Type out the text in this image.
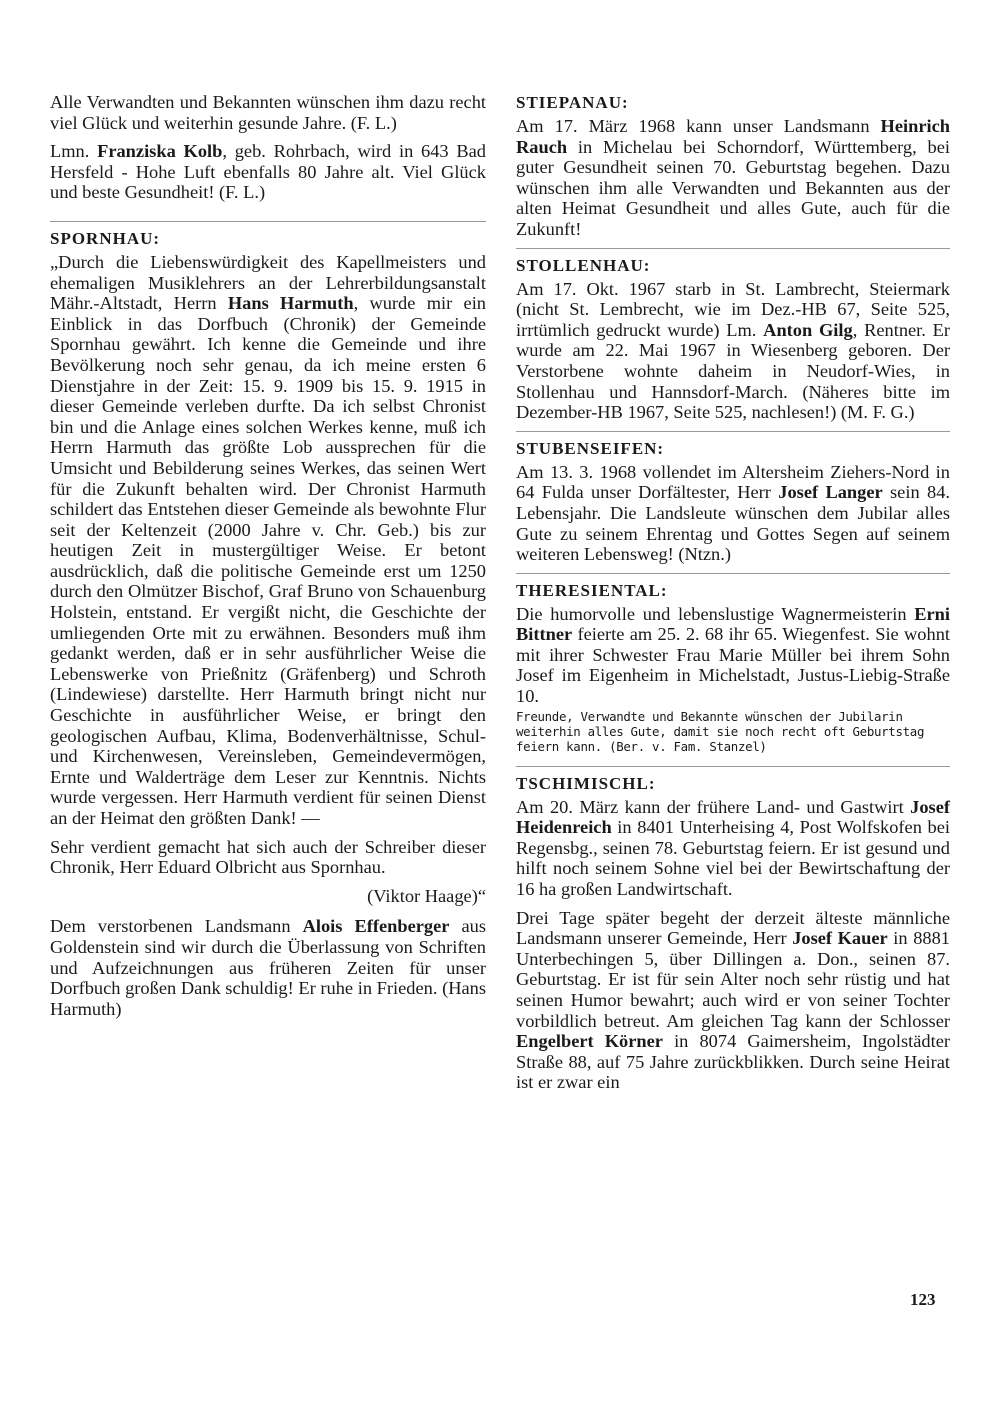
Alle Verwandten und Bekannten wünschen ihm dazu recht viel Glück und weiterhin gesunde Jahre. (F. L.)

Lmn. Franziska Kolb, geb. Rohrbach, wird in 643 Bad Hersfeld - Hohe Luft ebenfalls 80 Jahre alt. Viel Glück und beste Gesundheit! (F. L.)

SPORNHAU:

„Durch die Liebenswürdigkeit des Kapellmeisters und ehemaligen Musiklehrers an der Lehrerbildungsanstalt Mähr.-Altstadt, Herrn Hans Harmuth, wurde mir ein Einblick in das Dorfbuch (Chronik) der Gemeinde Spornhau gewährt. Ich kenne die Gemeinde und ihre Bevölkerung noch sehr genau, da ich meine ersten 6 Dienstjahre in der Zeit: 15. 9. 1909 bis 15. 9. 1915 in dieser Gemeinde verleben durfte. Da ich selbst Chronist bin und die Anlage eines solchen Werkes kenne, muß ich Herrn Harmuth das größte Lob aussprechen für die Umsicht und Bebilderung seines Werkes, das seinen Wert für die Zukunft behalten wird. Der Chronist Harmuth schildert das Entstehen dieser Gemeinde als bewohnte Flur seit der Keltenzeit (2000 Jahre v. Chr. Geb.) bis zur heutigen Zeit in mustergültiger Weise. Er betont ausdrücklich, daß die politische Gemeinde erst um 1250 durch den Olmützer Bischof, Graf Bruno von Schauenburg Holstein, entstand. Er vergißt nicht, die Geschichte der umliegenden Orte mit zu erwähnen. Besonders muß ihm gedankt werden, daß er in sehr ausführlicher Weise die Lebenswerke von Prießnitz (Gräfenberg) und Schroth (Lindewiese) darstellte. Herr Harmuth bringt nicht nur Geschichte in ausführlicher Weise, er bringt den geologischen Aufbau, Klima, Bodenverhältnisse, Schul- und Kirchenwesen, Vereinsleben, Gemeindevermögen, Ernte und Walderträge dem Leser zur Kenntnis. Nichts wurde vergessen. Herr Harmuth verdient für seinen Dienst an der Heimat den größten Dank! —

Sehr verdient gemacht hat sich auch der Schreiber dieser Chronik, Herr Eduard Olbricht aus Spornhau.

(Viktor Haage)“

Dem verstorbenen Landsmann Alois Effenberger aus Goldenstein sind wir durch die Überlassung von Schriften und Aufzeichnungen aus früheren Zeiten für unser Dorfbuch großen Dank schuldig! Er ruhe in Frieden. (Hans Harmuth)

STIEPANAU:

Am 17. März 1968 kann unser Landsmann Heinrich Rauch in Michelau bei Schorndorf, Württemberg, bei guter Gesundheit seinen 70. Geburtstag begehen. Dazu wünschen ihm alle Verwandten und Bekannten aus der alten Heimat Gesundheit und alles Gute, auch für die Zukunft!

STOLLENHAU:

Am 17. Okt. 1967 starb in St. Lambrecht, Steiermark (nicht St. Lembrecht, wie im Dez.-HB 67, Seite 525, irrtümlich gedruckt wurde) Lm. Anton Gilg, Rentner. Er wurde am 22. Mai 1967 in Wiesenberg geboren. Der Verstorbene wohnte daheim in Neudorf-Wies, in Stollenhau und Hannsdorf-March. (Näheres bitte im Dezember-HB 1967, Seite 525, nachlesen!) (M. F. G.)

STUBENSEIFEN:

Am 13. 3. 1968 vollendet im Altersheim Ziehers-Nord in 64 Fulda unser Dorfältester, Herr Josef Langer sein 84. Lebensjahr. Die Landsleute wünschen dem Jubilar alles Gute zu seinem Ehrentag und Gottes Segen auf seinem weiteren Lebensweg! (Ntzn.)

THERESIENTAL:

Die humorvolle und lebenslustige Wagnermeisterin Erni Bittner feierte am 25. 2. 68 ihr 65. Wiegenfest. Sie wohnt mit ihrer Schwester Frau Marie Müller bei ihrem Sohn Josef im Eigenheim in Michelstadt, Justus-Liebig-Straße 10.

Freunde, Verwandte und Bekannte wünschen der Jubilarin weiterhin alles Gute, damit sie noch recht oft Geburtstag feiern kann. (Ber. v. Fam. Stanzel)

TSCHIMISCHL:

Am 20. März kann der frühere Land- und Gastwirt Josef Heidenreich in 8401 Unterheising 4, Post Wolfskofen bei Regensbg., seinen 78. Geburtstag feiern. Er ist gesund und hilft noch seinem Sohne viel bei der Bewirtschaftung der 16 ha großen Landwirtschaft.

Drei Tage später begeht der derzeit älteste männliche Landsmann unserer Gemeinde, Herr Josef Kauer in 8881 Unterbechingen 5, über Dillingen a. Don., seinen 87. Geburtstag. Er ist für sein Alter noch sehr rüstig und hat seinen Humor bewahrt; auch wird er von seiner Tochter vorbildlich betreut. Am gleichen Tag kann der Schlosser Engelbert Körner in 8074 Gaimersheim, Ingolstädter Straße 88, auf 75 Jahre zurückblikken. Durch seine Heirat ist er zwar ein

123
